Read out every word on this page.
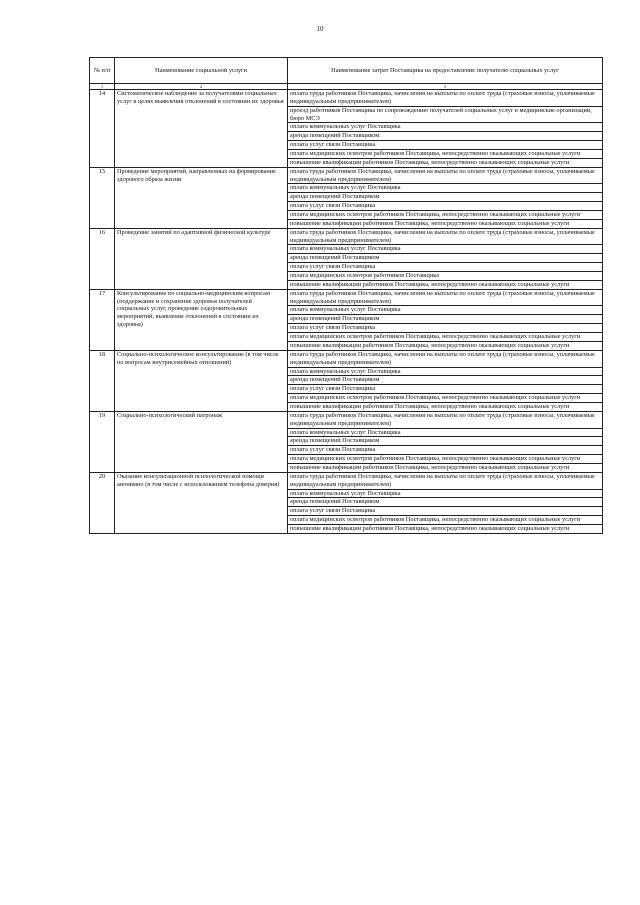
10
№ п/п	Наименование социальной услуги	Наименование затрат Поставщика на предоставление получателю социальных услуг
1	2	3
14	Систематическое наблюдение за получателями социальных услуг в целях выявления отклонений в состоянии их здоровья	оплата труда работников Поставщика, начисления на выплаты по оплате труда (страховые взносы, уплачиваемые индивидуальным предпринимателем)
		проезд работников Поставщика по сопровождению получателей социальных услуг в медицинские организации, бюро МСЭ
		оплата коммунальных услуг Поставщика
		аренда помещений Поставщиком
		оплата услуг связи Поставщика
		оплата медицинских осмотров работников Поставщика, непосредственно оказывающих социальные услуги
		повышение квалификации работников Поставщика, непосредственно оказывающих социальные услуги
15	Проведение мероприятий, направленных на формирование здорового образа жизни	оплата труда работников Поставщика, начисления на выплаты по оплате труда (страховые взносы, уплачиваемые индивидуальным предпринимателем)
		оплата коммунальных услуг Поставщика
		аренда помещений Поставщиком
		оплата услуг связи Поставщика
		оплата медицинских осмотров работников Поставщика, непосредственно оказывающих социальные услуги
		повышение квалификации работников Поставщика, непосредственно оказывающих социальные услуги
16	Проведение занятий по адаптивной физической культуре	оплата труда работников Поставщика, начисления на выплаты по оплате труда (страховые взносы, уплачиваемые индивидуальным предпринимателем)
		оплата коммунальных услуг Поставщика
		аренда помещений Поставщиком
		оплата услуг связи Поставщика
		оплата медицинских осмотров работников Поставщика
		повышение квалификации работников Поставщика, непосредственно оказывающих социальные услуги
17	Консультирование по социально-медицинским вопросам (поддержание и сохранение здоровья получателей социальных услуг, проведение оздоровительных мероприятий, выявление отклонений в состоянии их здоровья)	оплата труда работников Поставщика, начисления на выплаты по оплате труда (страховые взносы, уплачиваемые индивидуальным предпринимателем)
		оплата коммунальных услуг Поставщика
		аренда помещений Поставщиком
		оплата услуг связи Поставщика
		оплата медицинских осмотров работников Поставщика, непосредственно оказывающих социальные услуги
		повышение квалификации работников Поставщика, непосредственно оказывающих социальные услуги
18	Социально-психологическое консультирование (в том числе по вопросам внутрисемейных отношений)	оплата труда работников Поставщика, начисления на выплаты по оплате труда (страховые взносы, уплачиваемые индивидуальным предпринимателем)
		оплата коммунальных услуг Поставщика
		аренда помещений Поставщиком
		оплата услуг связи Поставщика
		оплата медицинских осмотров работников Поставщика, непосредственно оказывающих социальные услуги
		повышение квалификации работников Поставщика, непосредственно оказывающих социальные услуги
19	Социально-психологический патронаж	оплата труда работников Поставщика, начисления на выплаты по оплате труда (страховые взносы, уплачиваемые индивидуальным предпринимателем)
		оплата коммунальных услуг Поставщика
		аренда помещений Поставщиком
		оплата услуг связи Поставщика
		оплата медицинских осмотров работников Поставщика, непосредственно оказывающих социальные услуги
		повышение квалификации работников Поставщика, непосредственно оказывающих социальные услуги
20	Оказание консультационной психологической помощи анонимно (в том числе с использованием телефона доверия)	оплата труда работников Поставщика, начисления на выплаты по оплате труда (страховые взносы, уплачиваемые индивидуальным предпринимателем)
		оплата коммунальных услуг Поставщика
		аренда помещений Поставщиком
		оплата услуг связи Поставщика
		оплата медицинских осмотров работников Поставщика, непосредственно оказывающих социальные услуги
		повышение квалификации работников Поставщика, непосредственно оказывающих социальные услуги
